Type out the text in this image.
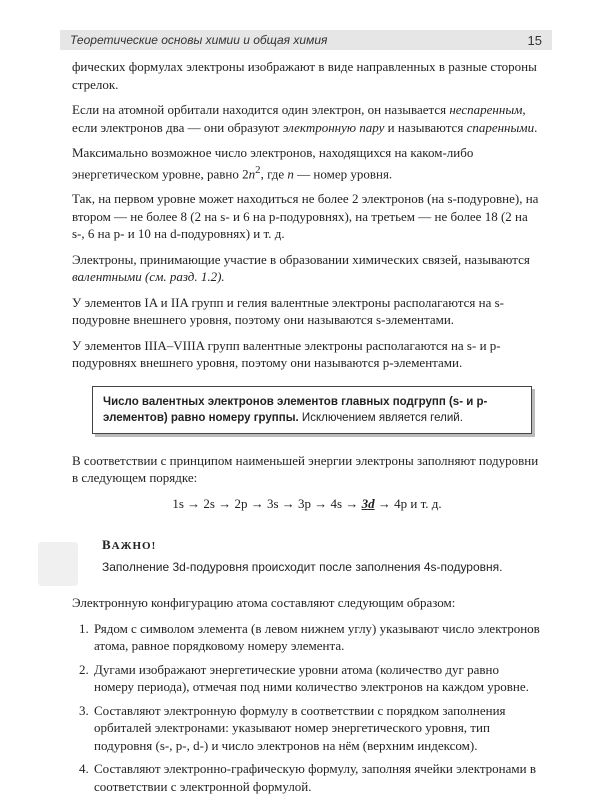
Теоретические основы химии и общая химия	15

фических формулах электроны изображают в виде направленных в разные стороны стрелок.

Если на атомной орбитали находится один электрон, он называется неспаренным, если электронов два — они образуют электронную пару и называются спаренными.

Максимально возможное число электронов, находящихся на каком-либо энергетическом уровне, равно $2n^2$, где n — номер уровня.

Так, на первом уровне может находиться не более 2 электронов (на s-подуровне), на втором — не более 8 (2 на s- и 6 на p-подуровнях), на третьем — не более 18 (2 на s-, 6 на p- и 10 на d-подуровнях) и т. д.

Электроны, принимающие участие в образовании химических связей, называются валентными (см. разд. 1.2).

У элементов IA и IIA групп и гелия валентные электроны располагаются на s-подуровне внешнего уровня, поэтому они называются s-элементами.

У элементов IIIA–VIIIA групп валентные электроны располагаются на s- и p-подуровнях внешнего уровня, поэтому они называются p-элементами.

Число валентных электронов элементов главных подгрупп (s- и p-элементов) равно номеру группы. Исключением является гелий.

В соответствии с принципом наименьшей энергии электроны заполняют подуровни в следующем порядке:

1s → 2s → 2p → 3s → 3p → 4s → 3d → 4p и т. д.
ВАЖНО!
Заполнение 3d-подуровня происходит после заполнения 4s-подуровня.

Электронную конфигурацию атома составляют следующим образом:

1. Рядом с символом элемента (в левом нижнем углу) указывают число электронов атома, равное порядковому номеру элемента.
2. Дугами изображают энергетические уровни атома (количество дуг равно номеру периода), отмечая под ними количество электронов на каждом уровне.
3. Составляют электронную формулу в соответствии с порядком заполнения орбиталей электронами: указывают номер энергетического уровня, тип подуровня (s-, p-, d-) и число электронов на нём (верхним индексом).
4. Составляют электронно-графическую формулу, заполняя ячейки электронами в соответствии с электронной формулой.
